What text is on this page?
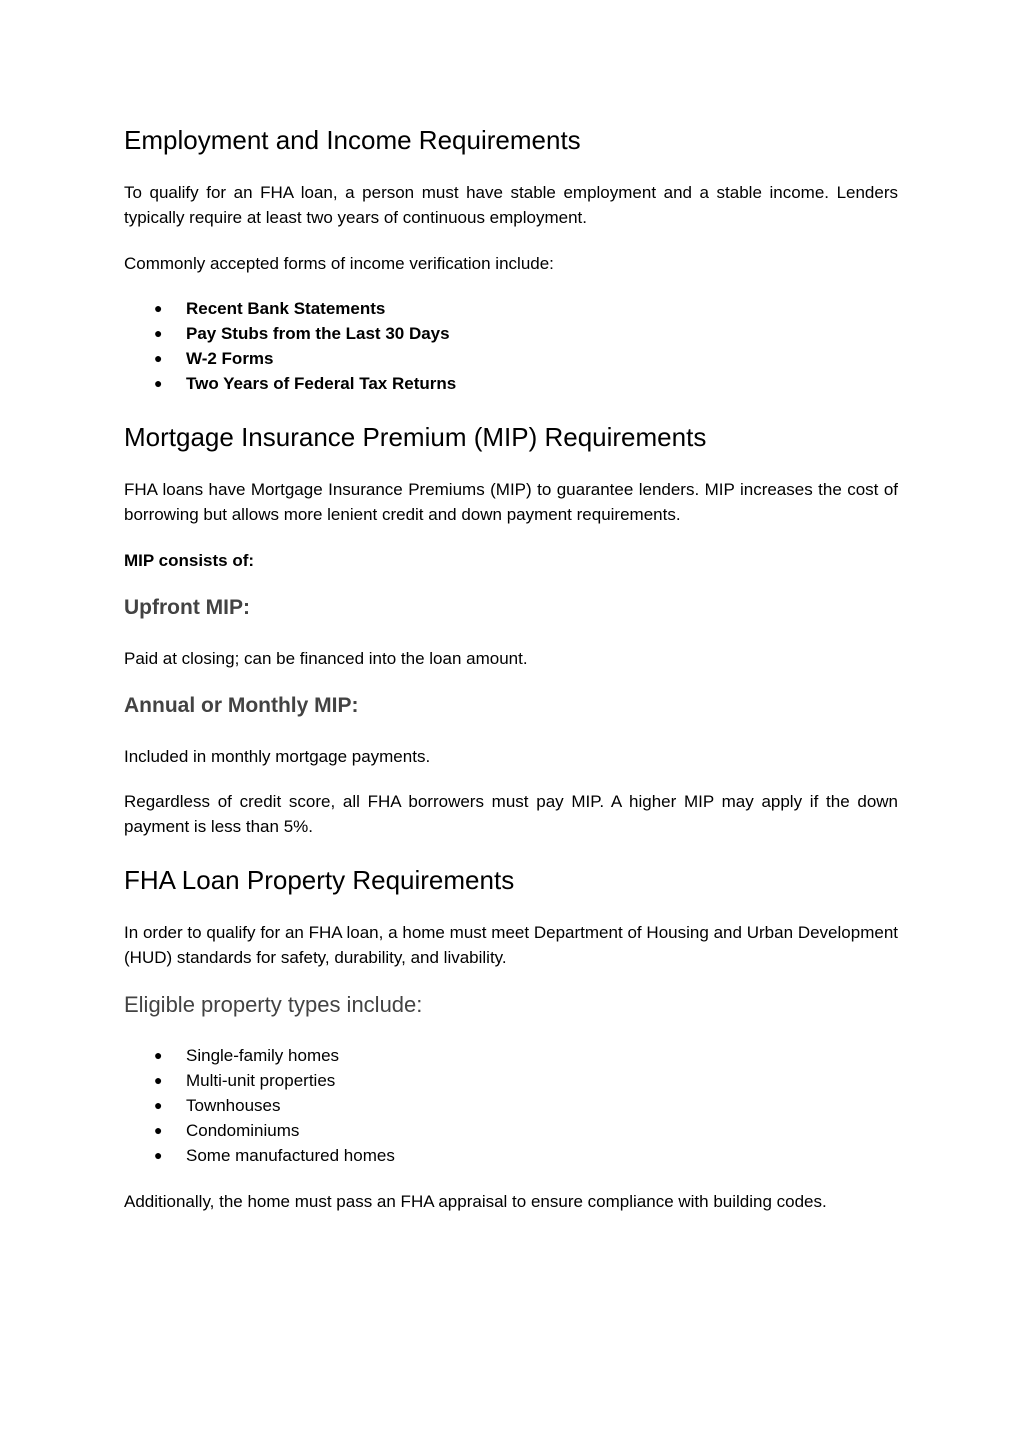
Employment and Income Requirements

To qualify for an FHA loan, a person must have stable employment and a stable income. Lenders typically require at least two years of continuous employment.

Commonly accepted forms of income verification include:

● Recent Bank Statements
● Pay Stubs from the Last 30 Days
● W-2 Forms
● Two Years of Federal Tax Returns
Mortgage Insurance Premium (MIP) Requirements

FHA loans have Mortgage Insurance Premiums (MIP) to guarantee lenders. MIP increases the cost of borrowing but allows more lenient credit and down payment requirements.

MIP consists of:

Upfront MIP:

Paid at closing; can be financed into the loan amount.

Annual or Monthly MIP:

Included in monthly mortgage payments.

Regardless of credit score, all FHA borrowers must pay MIP. A higher MIP may apply if the down payment is less than 5%.

FHA Loan Property Requirements

In order to qualify for an FHA loan, a home must meet Department of Housing and Urban Development (HUD) standards for safety, durability, and livability.

Eligible property types include:
● Single-family homes
● Multi-unit properties
● Townhouses
● Condominiums
● Some manufactured homes

Additionally, the home must pass an FHA appraisal to ensure compliance with building codes.
